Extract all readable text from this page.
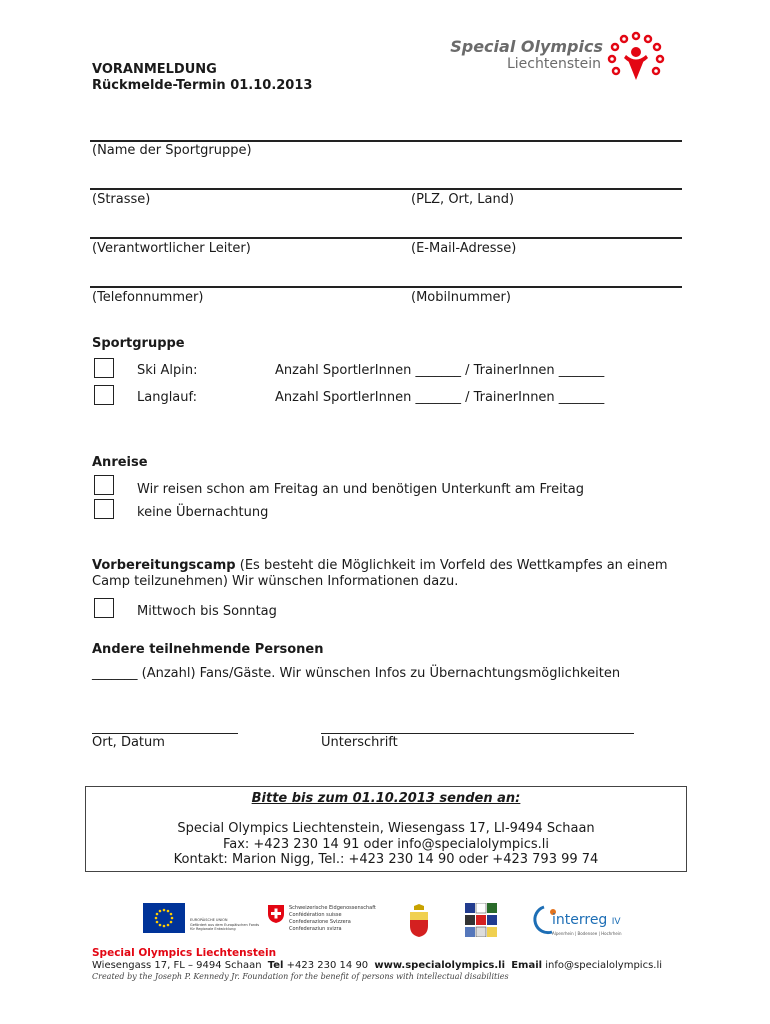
VORANMELDUNG
Rückmelde-Termin 01.10.2013
Special Olympics
Liechtenstein
(Name der Sportgruppe)
(Strasse)	(PLZ, Ort, Land)
(Verantwortlicher Leiter)	(E-Mail-Adresse)
(Telefonnummer)	(Mobilnummer)
Sportgruppe
Ski Alpin:	Anzahl SportlerInnen _______ / TrainerInnen _______
Langlauf:	Anzahl SportlerInnen _______ / TrainerInnen _______
Anreise
Wir reisen schon am Freitag an und benötigen Unterkunft am Freitag
keine Übernachtung
Vorbereitungscamp (Es besteht die Möglichkeit im Vorfeld des Wettkampfes an einem
Camp teilzunehmen) Wir wünschen Informationen dazu.
Mittwoch bis Sonntag
Andere teilnehmende Personen
_______ (Anzahl) Fans/Gäste. Wir wünschen Infos zu Übernachtungsmöglichkeiten
Ort, Datum	Unterschrift
Bitte bis zum 01.10.2013 senden an:
Special Olympics Liechtenstein, Wiesengass 17, LI-9494 Schaan
Fax: +423 230 14 91 oder info@specialolympics.li
Kontakt: Marion Nigg, Tel.: +423 230 14 90 oder +423 793 99 74
EUROPÄISCHE UNION
Gefördert aus dem Europäischen Fonds
für Regionale Entwicklung
Schweizerische Eidgenossenschaft
Confédération suisse
Confederazione Svizzera
Confederaziun svizra
interreg IV
Alpenrhein | Bodensee | Hochrhein
Special Olympics Liechtenstein
Wiesengass 17, FL – 9494 Schaan Tel +423 230 14 90 www.specialolympics.li Email info@specialolympics.li
Created by the Joseph P. Kennedy Jr. Foundation for the benefit of persons with intellectual disabilities
